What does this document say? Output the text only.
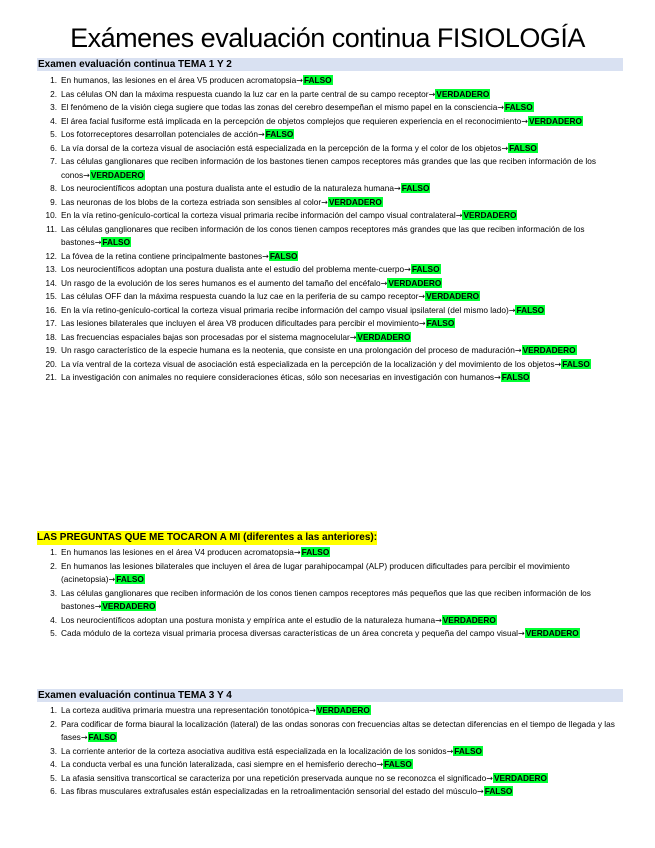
Exámenes evaluación continua FISIOLOGÍA
Examen evaluación continua TEMA 1 Y 2
1. En humanos, las lesiones en el área V5 producen acromatopsia→FALSO
2. Las células ON dan la máxima respuesta cuando la luz car en la parte central de su campo receptor→VERDADERO
3. El fenómeno de la visión ciega sugiere que todas las zonas del cerebro desempeñan el mismo papel en la consciencia→FALSO
4. El área facial fusiforme está implicada en la percepción de objetos complejos que requieren experiencia en el reconocimiento→VERDADERO
5. Los fotorreceptores desarrollan potenciales de acción→FALSO
6. La vía dorsal de la corteza visual de asociación está especializada en la percepción de la forma y el color de los objetos→FALSO
7. Las células ganglionares que reciben información de los bastones tienen campos receptores más grandes que las que reciben información de los conos→VERDADERO
8. Los neurocientíficos adoptan una postura dualista ante el estudio de la naturaleza humana→FALSO
9. Las neuronas de los blobs de la corteza estriada son sensibles al color→VERDADERO
10. En la vía retino-genículo-cortical la corteza visual primaria recibe información del campo visual contralateral→VERDADERO
11. Las células ganglionares que reciben información de los conos tienen campos receptores más grandes que las que reciben información de los bastones→FALSO
12. La fóvea de la retina contiene principalmente bastones→FALSO
13. Los neurocientíficos adoptan una postura dualista ante el estudio del problema mente-cuerpo→FALSO
14. Un rasgo de la evolución de los seres humanos es el aumento del tamaño del encéfalo→VERDADERO
15. Las células OFF dan la máxima respuesta cuando la luz cae en la periferia de su campo receptor→VERDADERO
16. En la vía retino-genículo-cortical la corteza visual primaria recibe información del campo visual ipsilateral (del mismo lado)→FALSO
17. Las lesiones bilaterales que incluyen el área V8 producen dificultades para percibir el movimiento→FALSO
18. Las frecuencias espaciales bajas son procesadas por el sistema magnocelular→VERDADERO
19. Un rasgo característico de la especie humana es la neotenia, que consiste en una prolongación del proceso de maduración→VERDADERO
20. La vía ventral de la corteza visual de asociación está especializada en la percepción de la localización y del movimiento de los objetos→FALSO
21. La investigación con animales no requiere consideraciones éticas, sólo son necesarias en investigación con humanos→FALSO
LAS PREGUNTAS QUE ME TOCARON A MI (diferentes a las anteriores):
1. En humanos las lesiones en el área V4 producen acromatopsia→FALSO
2. En humanos las lesiones bilaterales que incluyen el área de lugar parahipocampal (ALP) producen dificultades para percibir el movimiento (acinetopsia)→FALSO
3. Las células ganglionares que reciben información de los conos tienen campos receptores más pequeños que las que reciben información de los bastones→VERDADERO
4. Los neurocientíficos adoptan una postura monista y empírica ante el estudio de la naturaleza humana→VERDADERO
5. Cada módulo de la corteza visual primaria procesa diversas características de un área concreta y pequeña del campo visual→VERDADERO
Examen evaluación continua TEMA 3 Y 4
1. La corteza auditiva primaria muestra una representación tonotópica→VERDADERO
2. Para codificar de forma biaural la localización (lateral) de las ondas sonoras con frecuencias altas se detectan diferencias en el tiempo de llegada y las fases→FALSO
3. La corriente anterior de la corteza asociativa auditiva está especializada en la localización de los sonidos→FALSO
4. La conducta verbal es una función lateralizada, casi siempre en el hemisferio derecho→FALSO
5. La afasia sensitiva transcortical se caracteriza por una repetición preservada aunque no se reconozca el significado→VERDADERO
6. Las fibras musculares extrafusales están especializadas en la retroalimentación sensorial del estado del músculo→FALSO
